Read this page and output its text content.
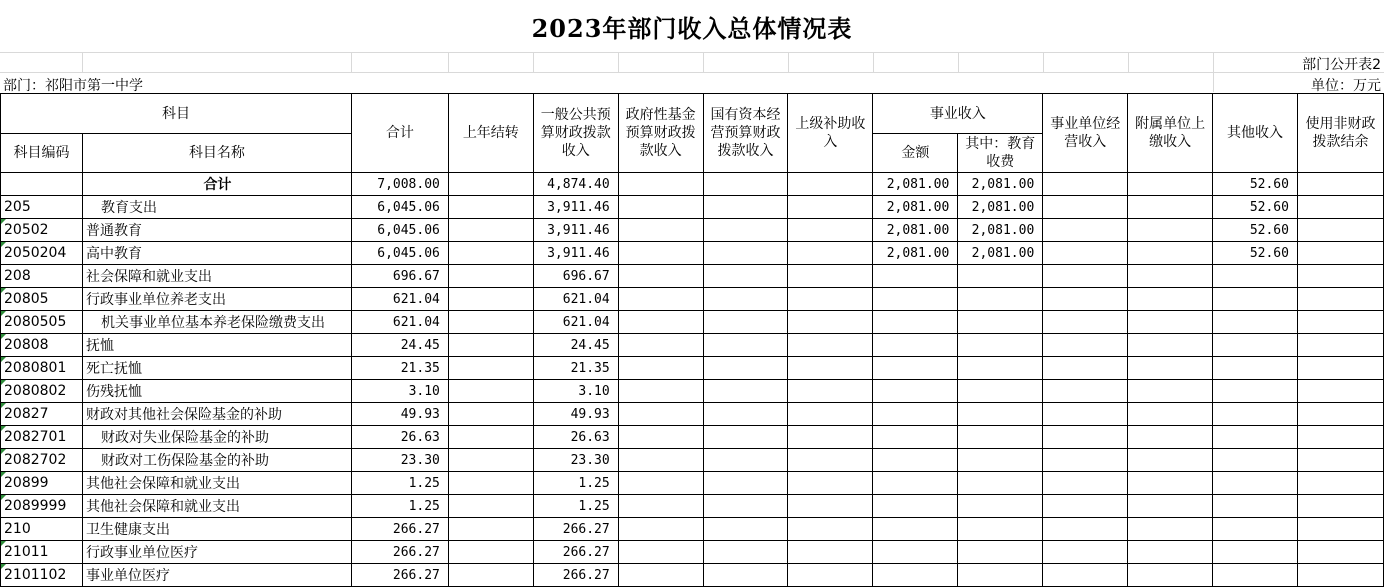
2023年部门收入总体情况表
部门公开表2
部门：祁阳市第一中学	单位：万元
科目		合计	上年结转	一般公共预算财政拨款收入	政府性基金预算财政拨款收入	国有资本经营预算财政拨款收入	上级补助收入	事业收入		事业单位经营收入	附属单位上缴收入	其他收入	使用非财政拨款结余
科目编码	科目名称							金额	其中：教育收费				
	合计	7,008.00		4,874.40				2,081.00	2,081.00			52.60	
205	教育支出	6,045.06		3,911.46				2,081.00	2,081.00			52.60	

20502	普通教育	6,045.06		3,911.46				2,081.00	2,081.00			52.60	

2050204	高中教育	6,045.06		3,911.46				2,081.00	2,081.00			52.60	
208	社会保障和就业支出	696.67		696.67									

20805	行政事业单位养老支出	621.04		621.04									

2080505	机关事业单位基本养老保险缴费支出	621.04		621.04									

20808	抚恤	24.45		24.45									

2080801	死亡抚恤	21.35		21.35									

2080802	伤残抚恤	3.10		3.10									

20827	财政对其他社会保险基金的补助	49.93		49.93									

2082701	财政对失业保险基金的补助	26.63		26.63									

2082702	财政对工伤保险基金的补助	23.30		23.30									

20899	其他社会保障和就业支出	1.25		1.25									

2089999	其他社会保障和就业支出	1.25		1.25									
210	卫生健康支出	266.27		266.27									

21011	行政事业单位医疗	266.27		266.27									

2101102	事业单位医疗	266.27		266.27									
